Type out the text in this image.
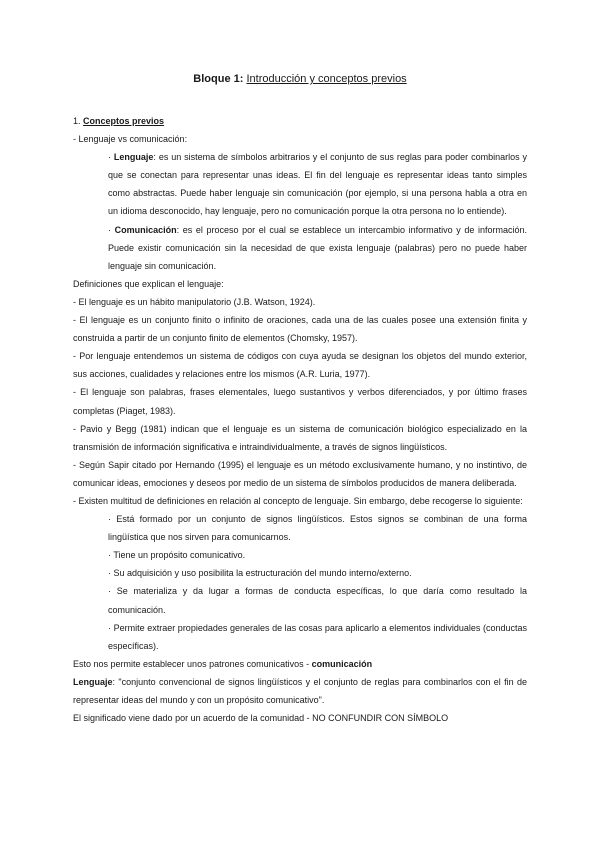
Bloque 1: Introducción y conceptos previos

1. Conceptos previos

- Lenguaje vs comunicación:

· Lenguaje: es un sistema de símbolos arbitrarios y el conjunto de sus reglas para poder combinarlos y que se conectan para representar unas ideas. El fin del lenguaje es representar ideas tanto simples como abstractas. Puede haber lenguaje sin comunicación (por ejemplo, si una persona habla a otra en un idioma desconocido, hay lenguaje, pero no comunicación porque la otra persona no lo entiende).

· Comunicación: es el proceso por el cual se establece un intercambio informativo y de información. Puede existir comunicación sin la necesidad de que exista lenguaje (palabras) pero no puede haber lenguaje sin comunicación.

Definiciones que explican el lenguaje:

- El lenguaje es un hábito manipulatorio (J.B. Watson, 1924).

- El lenguaje es un conjunto finito o infinito de oraciones, cada una de las cuales posee una extensión finita y construida a partir de un conjunto finito de elementos (Chomsky, 1957).

- Por lenguaje entendemos un sistema de códigos con cuya ayuda se designan los objetos del mundo exterior, sus acciones, cualidades y relaciones entre los mismos (A.R. Luria, 1977).

- El lenguaje son palabras, frases elementales, luego sustantivos y verbos diferenciados, y por último frases completas (Piaget, 1983).

- Pavio y Begg (1981) indican que el lenguaje es un sistema de comunicación biológico especializado en la transmisión de información significativa e intraindividualmente, a través de signos lingüísticos.

- Según Sapir citado por Hernando (1995) el lenguaje es un método exclusivamente humano, y no instintivo, de comunicar ideas, emociones y deseos por medio de un sistema de símbolos producidos de manera deliberada.

- Existen multitud de definiciones en relación al concepto de lenguaje. Sin embargo, debe recogerse lo siguiente:

· Está formado por un conjunto de signos lingüísticos. Estos signos se combinan de una forma lingüística que nos sirven para comunicarnos.

· Tiene un propósito comunicativo.

· Su adquisición y uso posibilita la estructuración del mundo interno/externo.

· Se materializa y da lugar a formas de conducta específicas, lo que daría como resultado la comunicación.

· Permite extraer propiedades generales de las cosas para aplicarlo a elementos individuales (conductas específicas).

Esto nos permite establecer unos patrones comunicativos - comunicación

Lenguaje: "conjunto convencional de signos lingüísticos y el conjunto de reglas para combinarlos con el fin de representar ideas del mundo y con un propósito comunicativo".

El significado viene dado por un acuerdo de la comunidad - NO CONFUNDIR CON SÍMBOLO
